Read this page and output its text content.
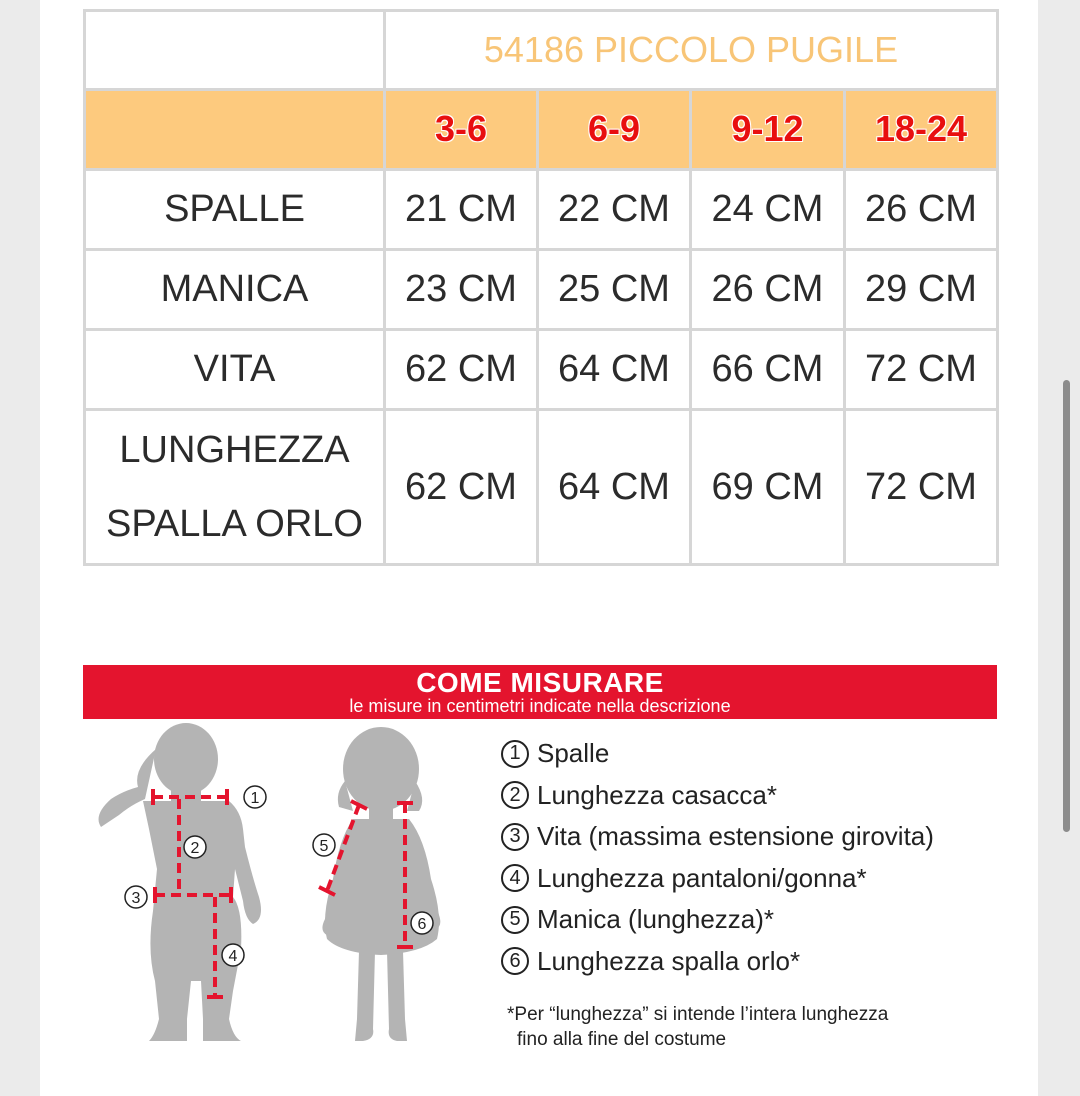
	54186 PICCOLO PUGILE			
	3-6	6-9	9-12	18-24
SPALLE	21 CM	22 CM	24 CM	26 CM
MANICA	23 CM	25 CM	26 CM	29 CM
VITA	62 CM	64 CM	66 CM	72 CM
LUNGHEZZA
SPALLA ORLO	62 CM	64 CM	69 CM	72 CM
COME MISURARE
le misure in centimetri indicate nella descrizione
1
2
3
4
5
6
1 Spalle
2 Lunghezza casacca*
3 Vita (massima estensione girovita)
4 Lunghezza pantaloni/gonna*
5 Manica (lunghezza)*
6 Lunghezza spalla orlo*
*Per “lunghezza” si intende l’intera lunghezza
fino alla fine del costume
